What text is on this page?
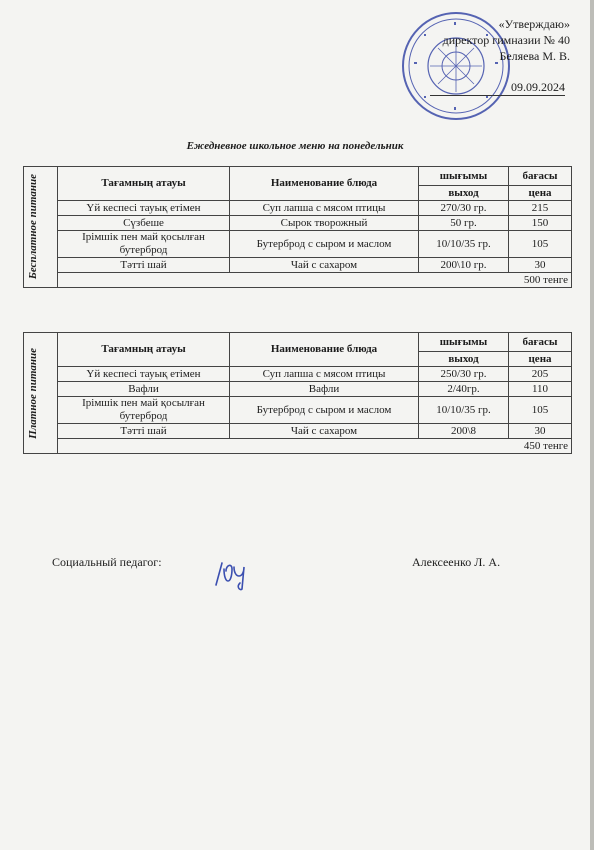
«Утверждаю»
директор гимназии № 40
Беляева М. В.
09.09.2024
Ежедневное школьное меню на понедельник
Бесплатное питание	Тағамның атауы	Наименование блюда	шығымы	бағасы
			выход	цена
	Үй кеспесі тауық етімен	Суп лапша с мясом птицы	270/30 гр.	215
	Сүзбеше	Сырок творожный	50 гр.	150
	Ірімшік пен май қосылған бутерброд	Бутерброд с сыром и маслом	10/10/35 гр.	105
	Тәтті шай	Чай с сахаром	200\10 гр.	30
	500 тенге			
Платное питание	Тағамның атауы	Наименование блюда	шығымы	бағасы
			выход	цена
	Үй кеспесі тауық етімен	Суп лапша с мясом птицы	250/30 гр.	205
	Вафли	Вафли	2/40гр.	110
	Ірімшік пен май қосылған бутерброд	Бутерброд с сыром и маслом	10/10/35 гр.	105
	Тәтті шай	Чай с сахаром	200\8	30
	450 тенге			
Социальный педагог:	Алексеенко Л. А.
